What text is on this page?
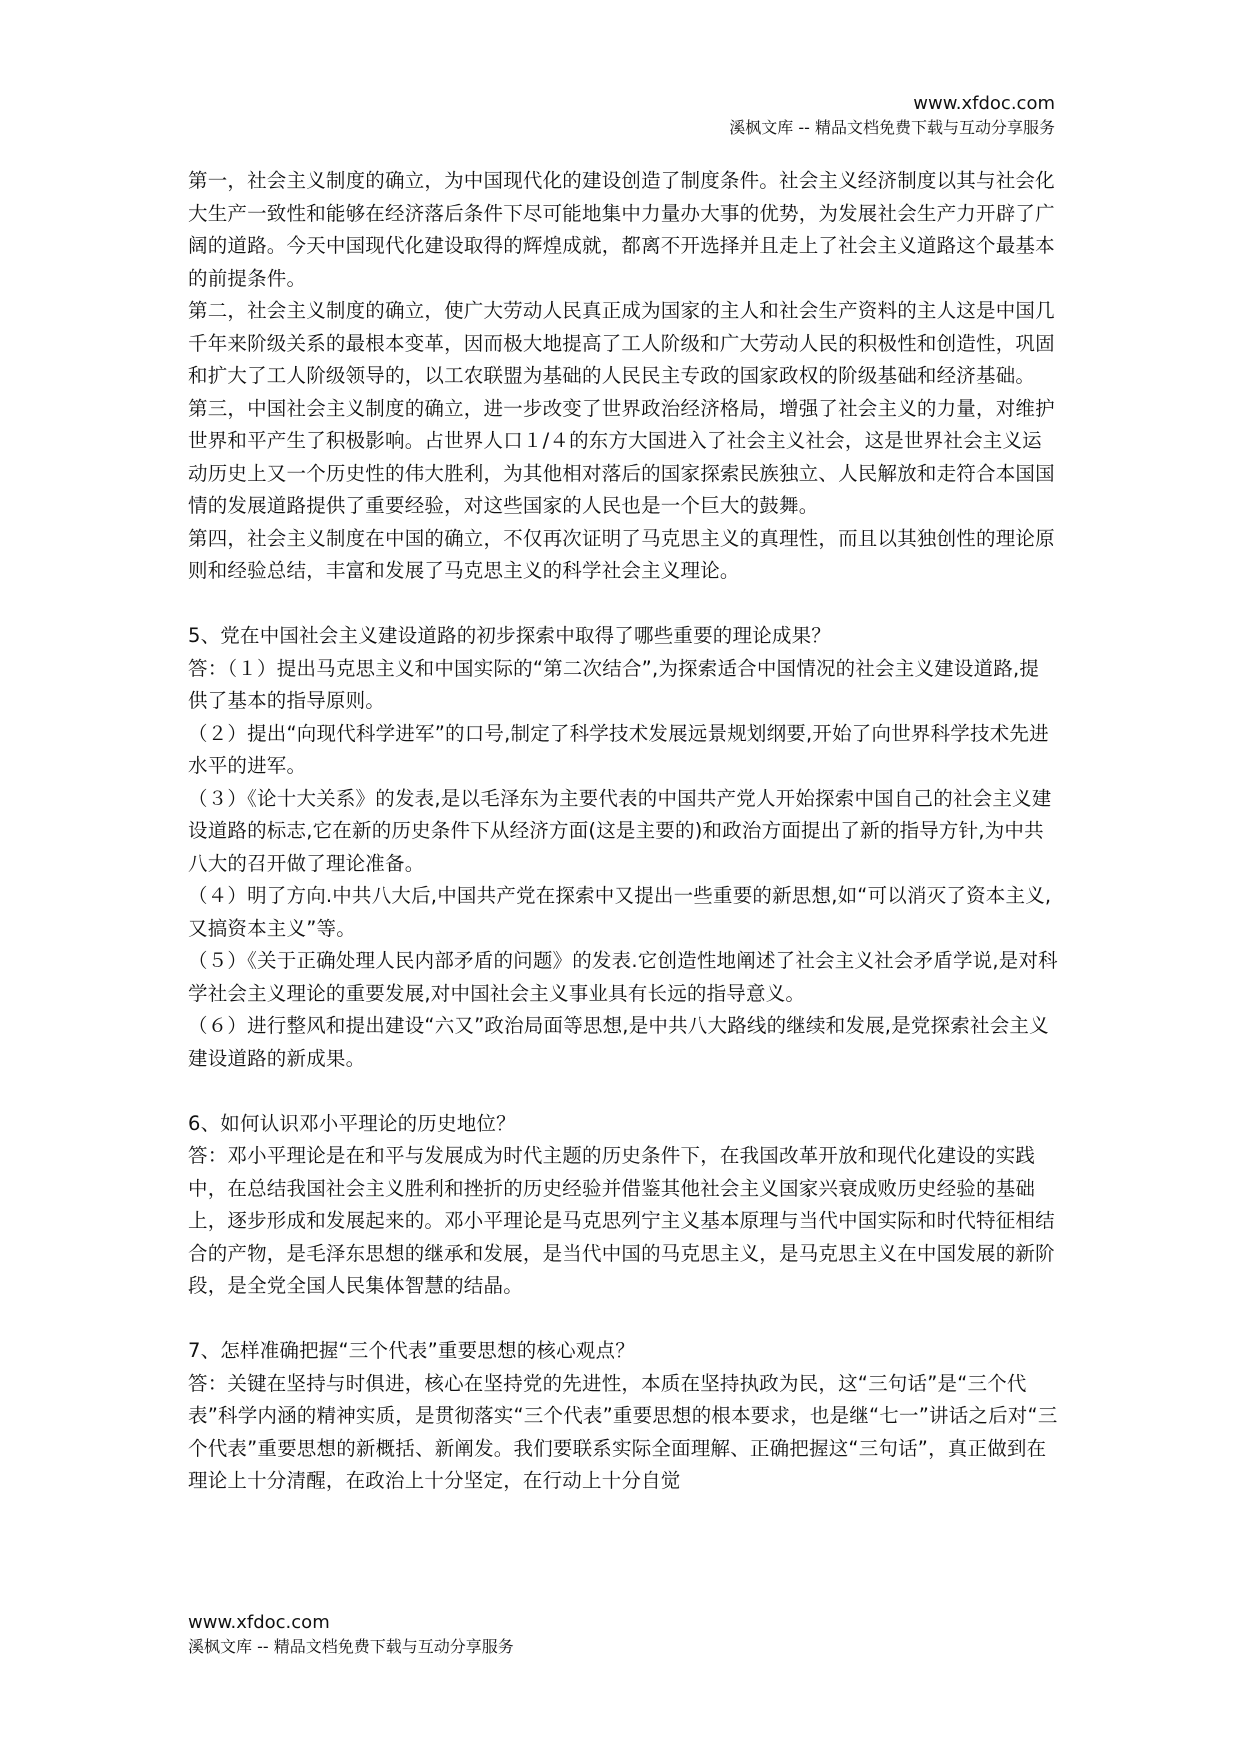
www.xfdoc.com
溪枫文库 -- 精品文档免费下载与互动分享服务

第一，社会主义制度的确立，为中国现代化的建设创造了制度条件。社会主义经济制度以其与社会化大生产一致性和能够在经济落后条件下尽可能地集中力量办大事的优势，为发展社会生产力开辟了广阔的道路。今天中国现代化建设取得的辉煌成就，都离不开选择并且走上了社会主义道路这个最基本的前提条件。

第二，社会主义制度的确立，使广大劳动人民真正成为国家的主人和社会生产资料的主人这是中国几千年来阶级关系的最根本变革，因而极大地提高了工人阶级和广大劳动人民的积极性和创造性，巩固和扩大了工人阶级领导的，以工农联盟为基础的人民民主专政的国家政权的阶级基础和经济基础。

第三，中国社会主义制度的确立，进一步改变了世界政治经济格局，增强了社会主义的力量，对维护世界和平产生了积极影响。占世界人口１/４的东方大国进入了社会主义社会，这是世界社会主义运动历史上又一个历史性的伟大胜利，为其他相对落后的国家探索民族独立、人民解放和走符合本国国情的发展道路提供了重要经验，对这些国家的人民也是一个巨大的鼓舞。

第四，社会主义制度在中国的确立，不仅再次证明了马克思主义的真理性，而且以其独创性的理论原则和经验总结，丰富和发展了马克思主义的科学社会主义理论。

5、党在中国社会主义建设道路的初步探索中取得了哪些重要的理论成果？

答：（１）提出马克思主义和中国实际的“第二次结合”,为探索适合中国情况的社会主义建设道路,提供了基本的指导原则。

（２）提出“向现代科学进军”的口号,制定了科学技术发展远景规划纲要,开始了向世界科学技术先进水平的进军。

（３）《论十大关系》的发表,是以毛泽东为主要代表的中国共产党人开始探索中国自己的社会主义建设道路的标志,它在新的历史条件下从经济方面(这是主要的)和政治方面提出了新的指导方针,为中共八大的召开做了理论准备。

（４）明了方向.中共八大后,中国共产党在探索中又提出一些重要的新思想,如“可以消灭了资本主义,又搞资本主义”等。

（５）《关于正确处理人民内部矛盾的问题》的发表.它创造性地阐述了社会主义社会矛盾学说,是对科学社会主义理论的重要发展,对中国社会主义事业具有长远的指导意义。

（６）进行整风和提出建设“六又”政治局面等思想,是中共八大路线的继续和发展,是党探索社会主义建设道路的新成果。

6、如何认识邓小平理论的历史地位？

答：邓小平理论是在和平与发展成为时代主题的历史条件下，在我国改革开放和现代化建设的实践中，在总结我国社会主义胜利和挫折的历史经验并借鉴其他社会主义国家兴衰成败历史经验的基础上，逐步形成和发展起来的。邓小平理论是马克思列宁主义基本原理与当代中国实际和时代特征相结合的产物，是毛泽东思想的继承和发展，是当代中国的马克思主义，是马克思主义在中国发展的新阶段，是全党全国人民集体智慧的结晶。

7、怎样准确把握“三个代表”重要思想的核心观点？

答：关键在坚持与时俱进，核心在坚持党的先进性，本质在坚持执政为民，这“三句话”是“三个代表”科学内涵的精神实质，是贯彻落实“三个代表”重要思想的根本要求，也是继“七一”讲话之后对“三个代表”重要思想的新概括、新阐发。我们要联系实际全面理解、正确把握这“三句话”，真正做到在理论上十分清醒，在政治上十分坚定，在行动上十分自觉

www.xfdoc.com
溪枫文库 -- 精品文档免费下载与互动分享服务
